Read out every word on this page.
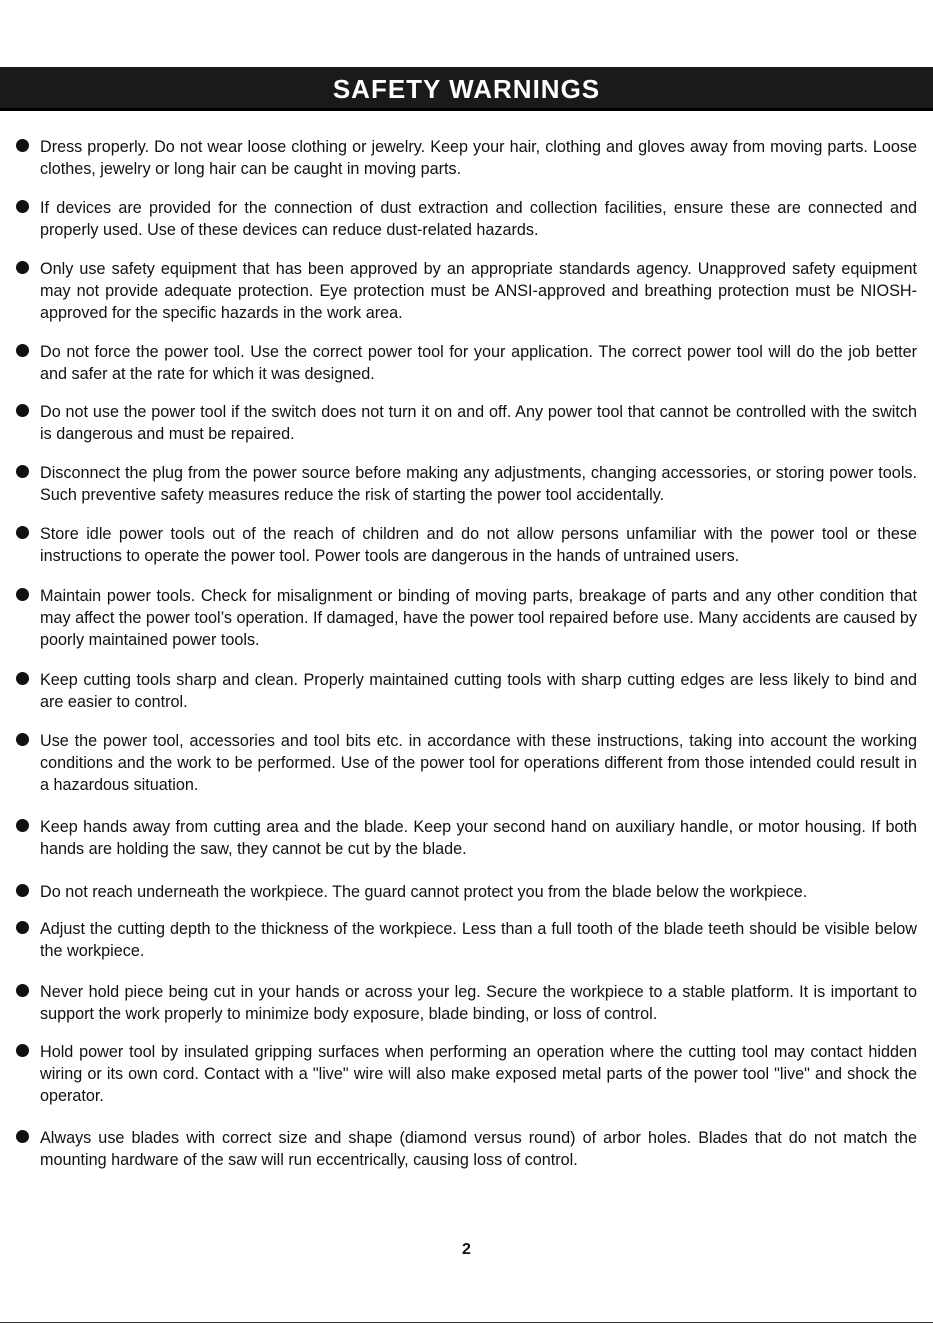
SAFETY WARNINGS
Dress properly. Do not wear loose clothing or jewelry. Keep your hair, clothing and gloves away from moving parts. Loose clothes, jewelry or long hair can be caught in moving parts.
If devices are provided for the connection of dust extraction and collection facilities, ensure these are connected and properly used. Use of these devices can reduce dust-related hazards.
Only use safety equipment that has been approved by an appropriate standards agency. Unapproved safety equipment may not provide adequate protection. Eye protection must be ANSI-approved and breathing protection must be NIOSH-approved for the specific hazards in the work area.
Do not force the power tool. Use the correct power tool for your application. The correct power tool will do the job better and safer at the rate for which it was designed.
Do not use the power tool if the switch does not turn it on and off. Any power tool that cannot be controlled with the switch is dangerous and must be repaired.
Disconnect the plug from the power source before making any adjustments, changing accessories, or storing power tools. Such preventive safety measures reduce the risk of starting the power tool accidentally.
Store idle power tools out of the reach of children and do not allow persons unfamiliar with the power tool or these instructions to operate the power tool. Power tools are dangerous in the hands of untrained users.
Maintain power tools. Check for misalignment or binding of moving parts, breakage of parts and any other condition that may affect the power tool’s operation. If damaged, have the power tool repaired before use. Many accidents are caused by poorly maintained power tools.
Keep cutting tools sharp and clean. Properly maintained cutting tools with sharp cutting edges are less likely to bind and are easier to control.
Use the power tool, accessories and tool bits etc. in accordance with these instructions, taking into account the working conditions and the work to be performed. Use of the power tool for operations different from those intended could result in a hazardous situation.
Keep hands away from cutting area and the blade. Keep your second hand on auxiliary handle, or motor housing. If both hands are holding the saw, they cannot be cut by the blade.
Do not reach underneath the workpiece. The guard cannot protect you from the blade below the workpiece.
Adjust the cutting depth to the thickness of the workpiece. Less than a full tooth of the blade teeth should be visible below the workpiece.
Never hold piece being cut in your hands or across your leg. Secure the workpiece to a stable platform. It is important to support the work properly to minimize body exposure, blade binding, or loss of control.
Hold power tool by insulated gripping surfaces when performing an operation where the cutting tool may contact hidden wiring or its own cord. Contact with a "live" wire will also make exposed metal parts of the power tool "live" and shock the operator.
Always use blades with correct size and shape (diamond versus round) of arbor holes. Blades that do not match the mounting hardware of the saw will run eccentrically, causing loss of control.
2
